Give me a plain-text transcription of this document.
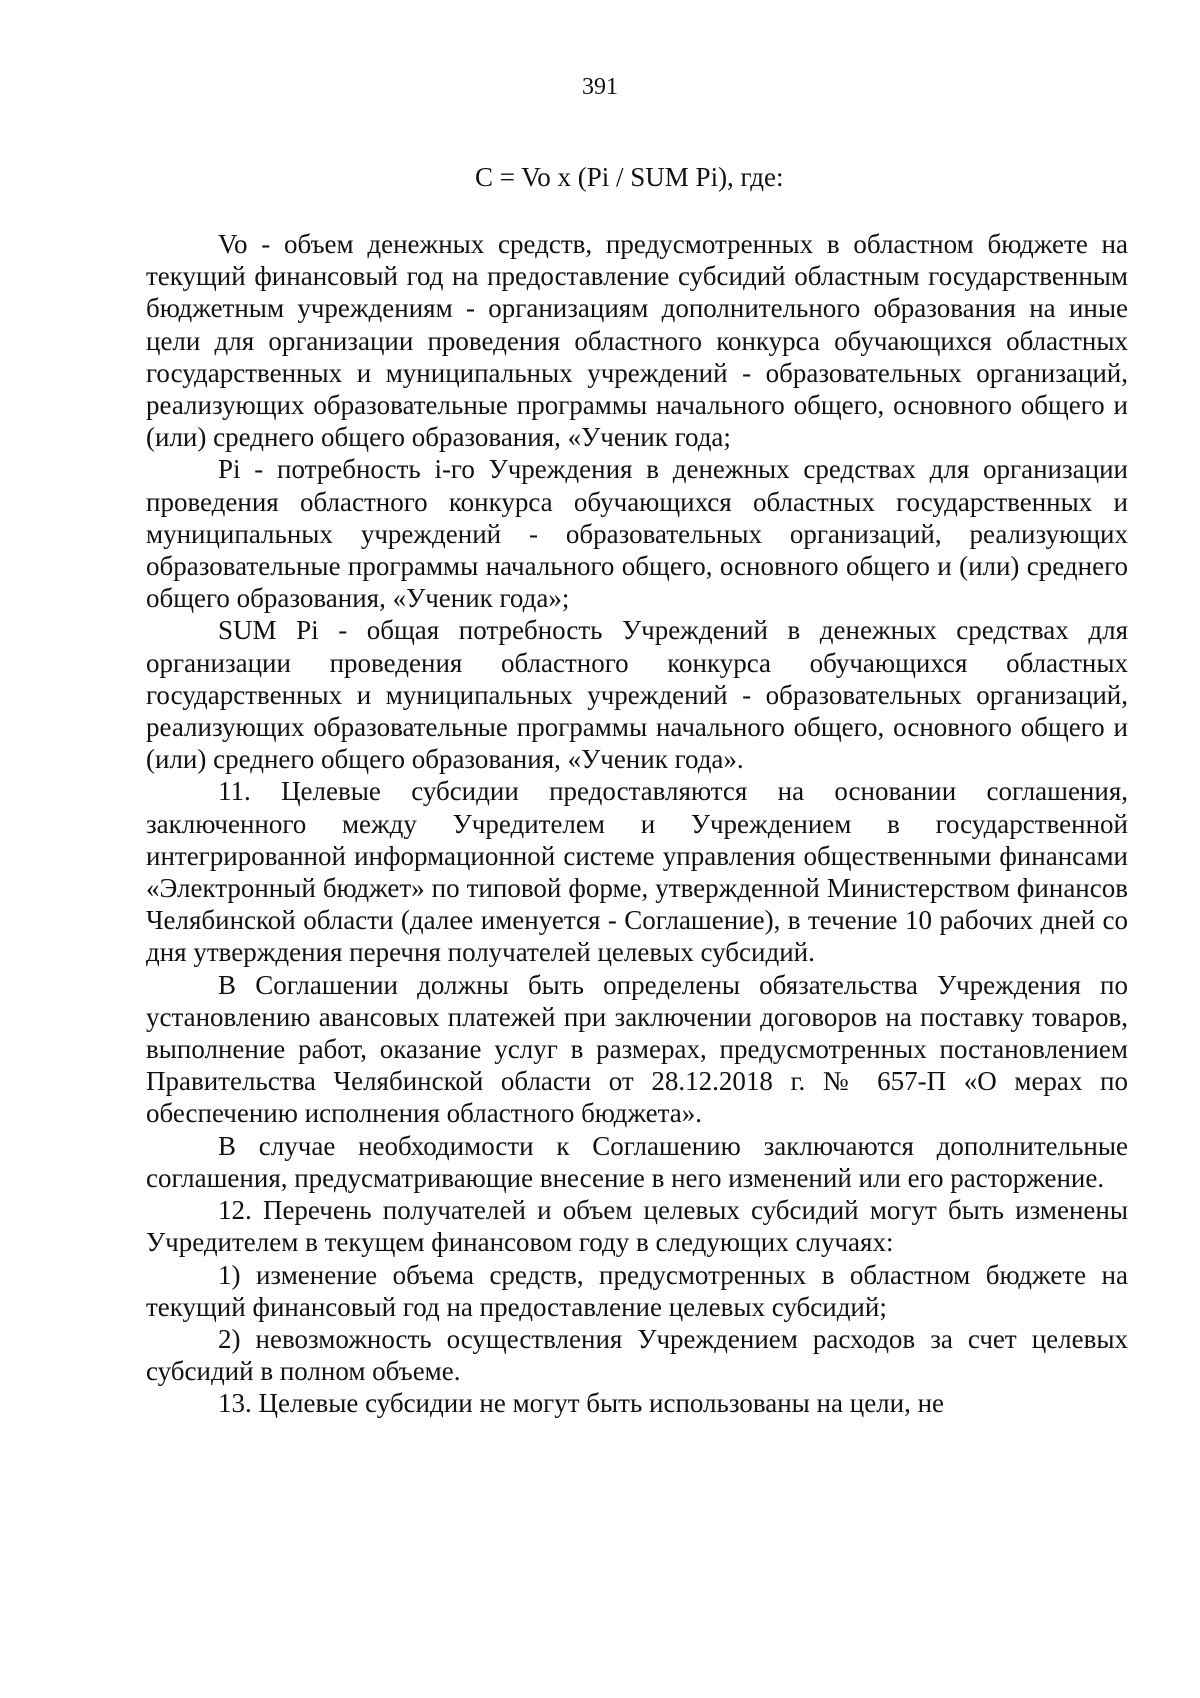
391
C = Vo x (Pi / SUM Pi), где:

Vo - объем денежных средств, предусмотренных в областном бюджете на текущий финансовый год на предоставление субсидий областным государственным бюджетным учреждениям - организациям дополнительного образования на иные цели для организации проведения областного конкурса обучающихся областных государственных и муниципальных учреждений - образовательных организаций, реализующих образовательные программы начального общего, основного общего и (или) среднего общего образования, «Ученик года;

Pi - потребность i-го Учреждения в денежных средствах для организации проведения областного конкурса обучающихся областных государственных и муниципальных учреждений - образовательных организаций, реализующих образовательные программы начального общего, основного общего и (или) среднего общего образования, «Ученик года»;

SUM Pi - общая потребность Учреждений в денежных средствах для организации проведения областного конкурса обучающихся областных государственных и муниципальных учреждений - образовательных организаций, реализующих образовательные программы начального общего, основного общего и (или) среднего общего образования, «Ученик года».

11. Целевые субсидии предоставляются на основании соглашения, заключенного между Учредителем и Учреждением в государственной интегрированной информационной системе управления общественными финансами «Электронный бюджет» по типовой форме, утвержденной Министерством финансов Челябинской области (далее именуется - Соглашение), в течение 10 рабочих дней со дня утверждения перечня получателей целевых субсидий.

В Соглашении должны быть определены обязательства Учреждения по установлению авансовых платежей при заключении договоров на поставку товаров, выполнение работ, оказание услуг в размерах, предусмотренных постановлением Правительства Челябинской области от 28.12.2018 г. № 657-П «О мерах по обеспечению исполнения областного бюджета».

В случае необходимости к Соглашению заключаются дополнительные соглашения, предусматривающие внесение в него изменений или его расторжение.

12. Перечень получателей и объем целевых субсидий могут быть изменены Учредителем в текущем финансовом году в следующих случаях:

1) изменение объема средств, предусмотренных в областном бюджете на текущий финансовый год на предоставление целевых субсидий;

2) невозможность осуществления Учреждением расходов за счет целевых субсидий в полном объеме.

13. Целевые субсидии не могут быть использованы на цели, не
